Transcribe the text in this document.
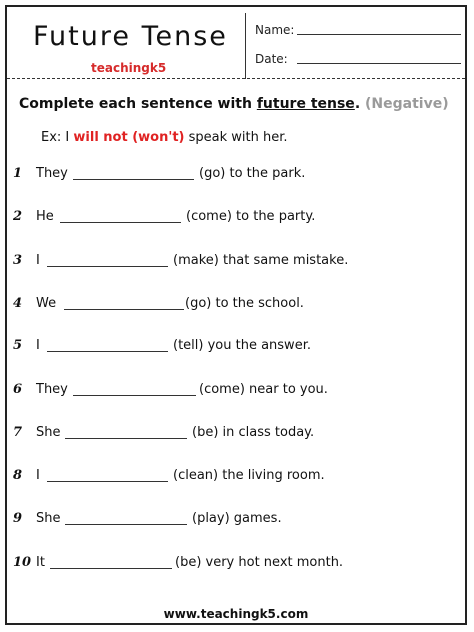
Future Tense
teachingk5
Name:
Date:
Complete each sentence with future tense. (Negative)
Ex: I will not (won't) speak with her.
1 They	(go) to the park.
2 He	(come) to the party.
3 I	(make) that same mistake.
4 We	(go) to the school.
5 I	(tell) you the answer.
6 They	(come) near to you.
7 She	(be) in class today.
8 I	(clean) the living room.
9 She	(play) games.
10 It	(be) very hot next month.
www.teachingk5.com
